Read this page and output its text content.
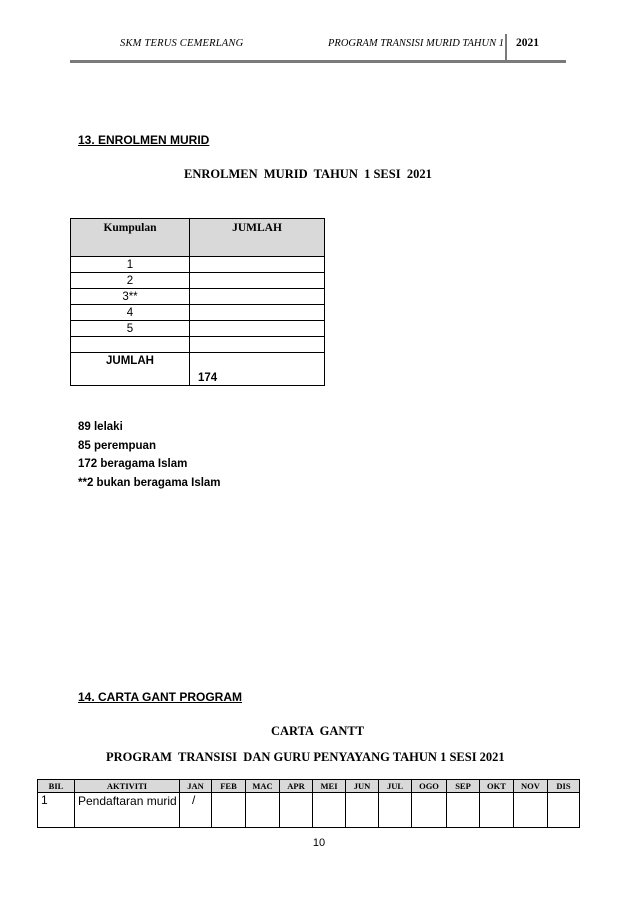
SKM TERUS CEMERLANG	PROGRAM TRANSISI MURID TAHUN 1 2021
13. ENROLMEN MURID
ENROLMEN  MURID  TAHUN  1 SESI  2021
Kumpulan	JUMLAH
1	
2	
3**	
4	
5	

JUMLAH	174
89 lelaki
85 perempuan
172 beragama Islam
**2 bukan beragama Islam
14. CARTA GANT PROGRAM
CARTA  GANTT
PROGRAM  TRANSISI  DAN GURU PENYAYANG TAHUN 1 SESI 2021
BIL	AKTIVITI	JAN	FEB	MAC	APR	MEI	JUN	JUL	OGO	SEP	OKT	NOV	DIS
1	Pendaftaran murid	/											
10
